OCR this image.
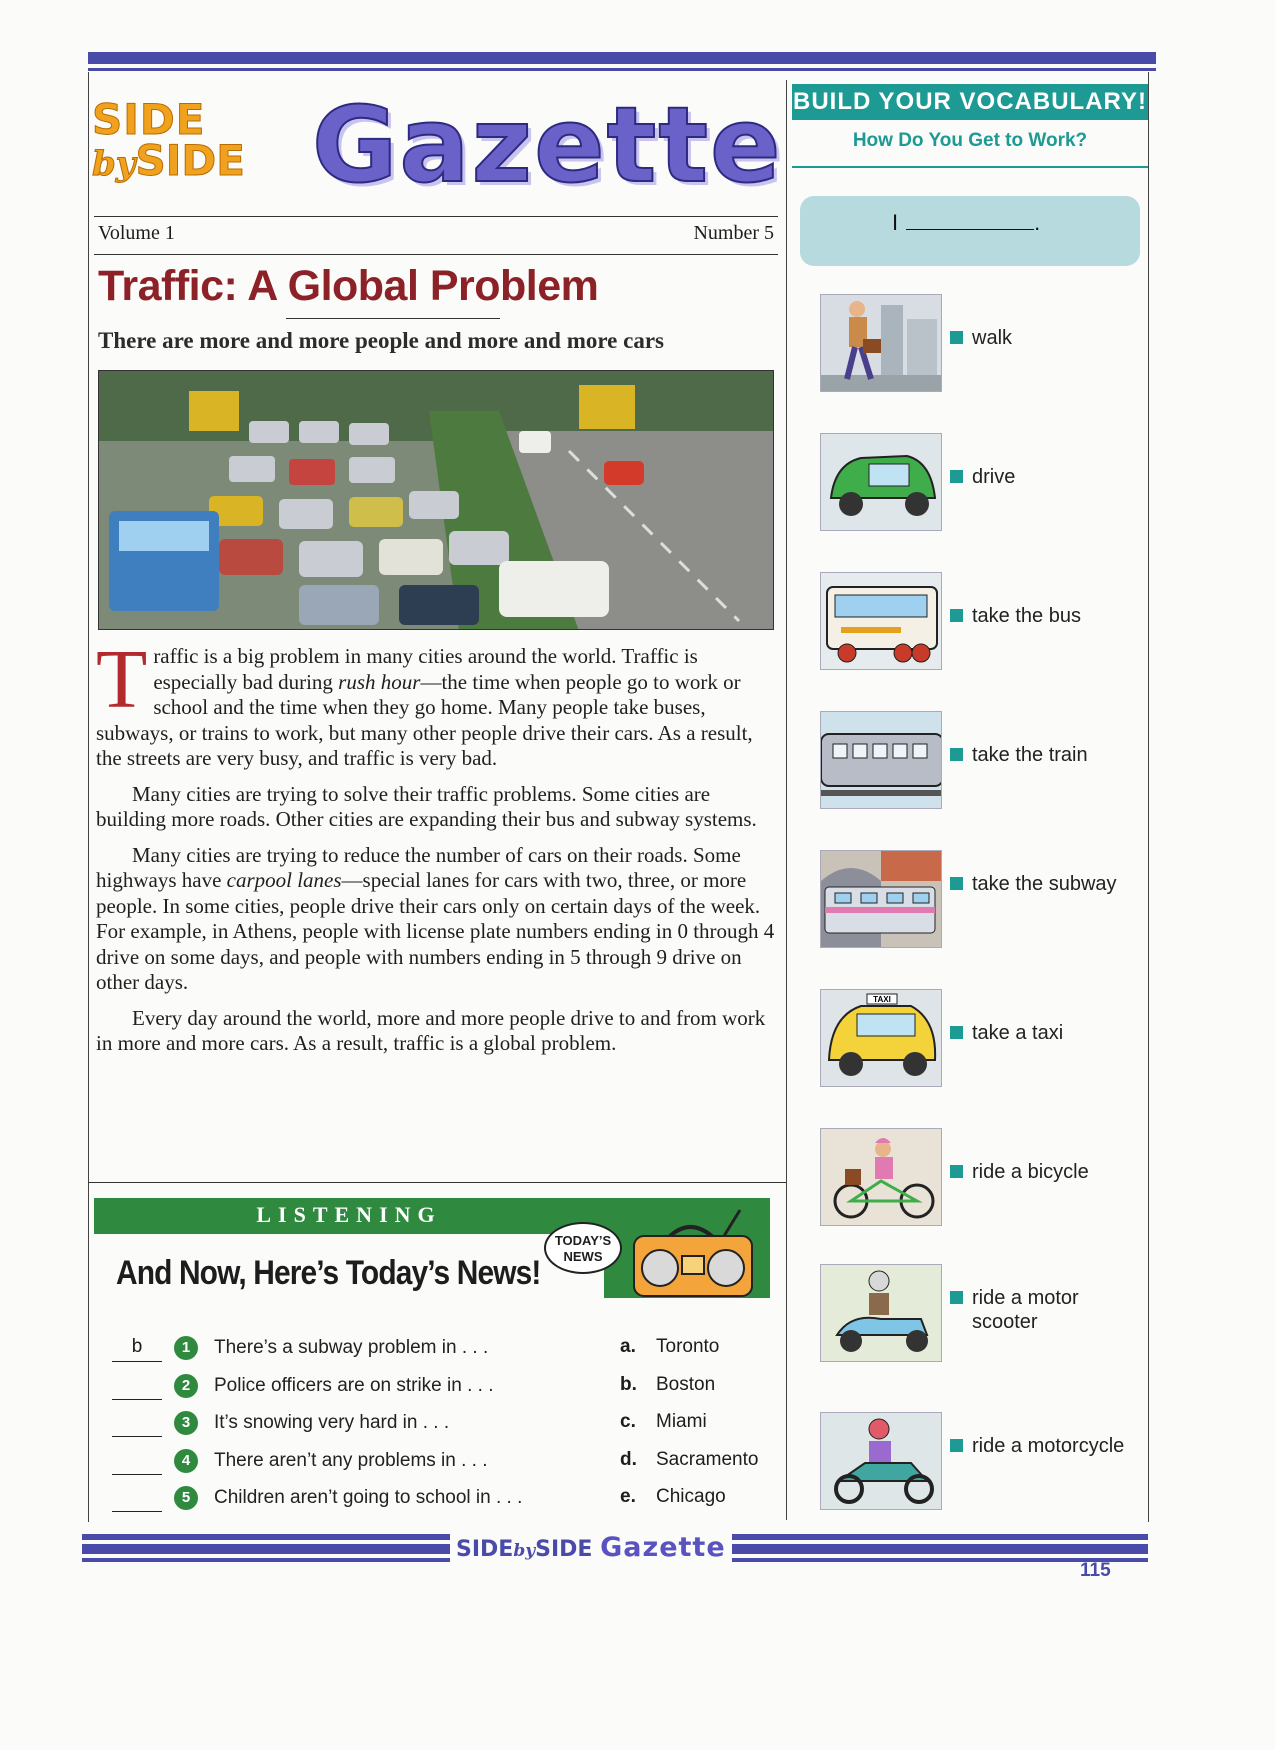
SIDE
bySIDE Gazette
Volume 1	Number 5
Traffic: A Global Problem
There are more and more people and more and more cars

Traffic is a big problem in many cities around the world. Traffic is especially bad during rush hour—the time when people go to work or school and the time when they go home. Many people take buses, subways, or trains to work, but many other people drive their cars. As a result, the streets are very busy, and traffic is very bad.

Many cities are trying to solve their traffic problems. Some cities are building more roads. Other cities are expanding their bus and subway systems.

Many cities are trying to reduce the number of cars on their roads. Some highways have carpool lanes—special lanes for cars with two, three, or more people. In some cities, people drive their cars only on certain days of the week. For example, in Athens, people with license plate numbers ending in 0 through 4 drive on some days, and people with numbers ending in 5 through 9 drive on other days.

Every day around the world, more and more people drive to and from work in more and more cars. As a result, traffic is a global problem.

LISTENING
And Now, Here’s Today’s News!
TODAY’S
NEWS
b	1	There’s a subway problem in . . .
2	Police officers are on strike in . . .
3	It’s snowing very hard in . . .
4	There aren’t any problems in . . .
5	Children aren’t going to school in . . .
a. Toronto
b. Boston
c. Miami
d. Sacramento
e. Chicago
BUILD YOUR VOCABULARY!
How Do You Get to Work?
I	.
walk
drive
take the bus
take the train
take the subway
TAXI
take a taxi
ride a bicycle
ride a motor scooter
ride a motorcycle
SIDEbySIDE Gazette
115
